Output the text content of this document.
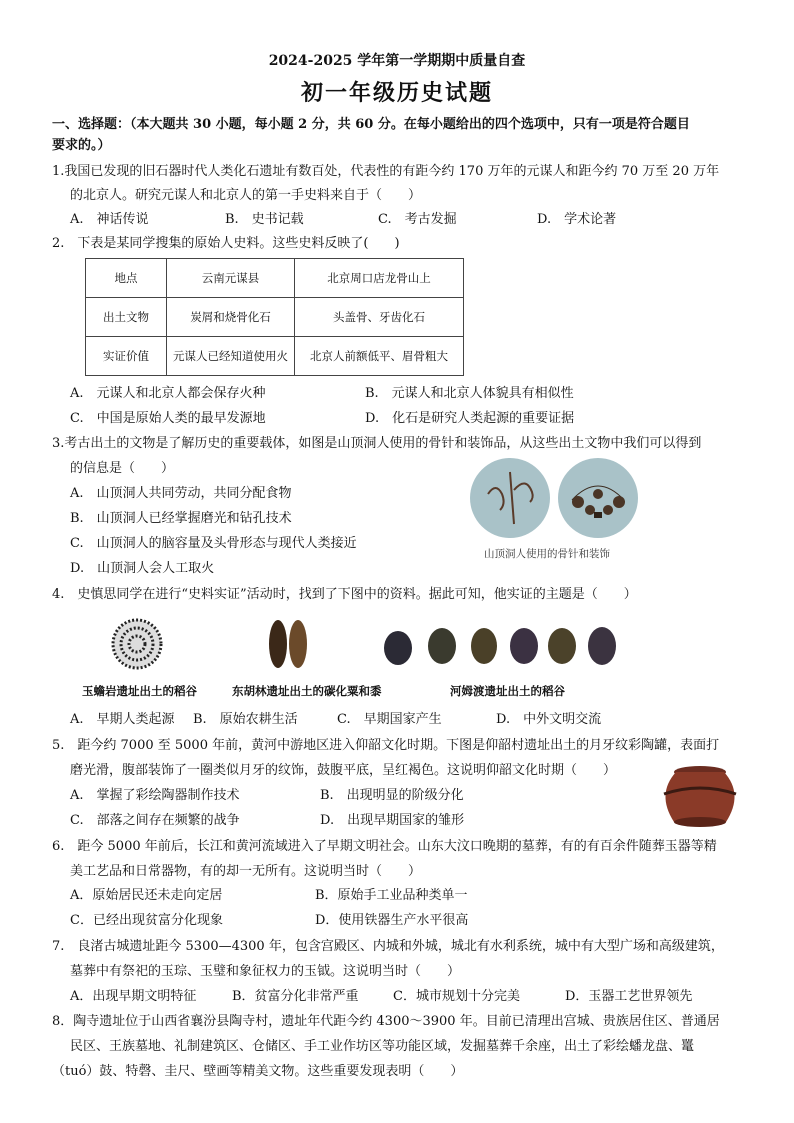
2024-2025 学年第一学期期中质量自查
初一年级历史试题
一、选择题：（本大题共 30 小题，每小题 2 分，共 60 分。在每小题给出的四个选项中，只有一项是符合题目
要求的。）
1.我国已发现的旧石器时代人类化石遗址有数百处，代表性的有距今约 170 万年的元谋人和距今约 70 万至 20 万年
的北京人。研究元谋人和北京人的第一手史料来自于（　　）
A.　神话传说	B.　史书记载	C.　考古发掘	D.　学术论著
2.　下表是某同学搜集的原始人史料。这些史料反映了(　　)
地点	云南元谋县	北京周口店龙骨山上
出土文物	炭屑和烧骨化石	头盖骨、牙齿化石
实证价值	元谋人已经知道使用火	北京人前额低平、眉骨粗大
A.　元谋人和北京人都会保存火种	B.　元谋人和北京人体貌具有相似性
C.　中国是原始人类的最早发源地	D.　化石是研究人类起源的重要证据
3.考古出土的文物是了解历史的重要载体，如图是山顶洞人使用的骨针和装饰品，从这些出土文物中我们可以得到
的信息是（　　）
A.　山顶洞人共同劳动，共同分配食物
B.　山顶洞人已经掌握磨光和钻孔技术
C.　山顶洞人的脑容量及头骨形态与现代人类接近
D.　山顶洞人会人工取火
山顶洞人使用的骨针和装饰
4.　史慎思同学在进行“史料实证”活动时，找到了下图中的资料。据此可知，他实证的主题是（　　）
玉蟾岩遗址出土的稻谷	东胡林遗址出土的碳化粟和黍	河姆渡遗址出土的稻谷
A.　早期人类起源 B.　原始农耕生活	C.　早期国家产生	D.　中外文明交流
5.　距今约 7000 至 5000 年前，黄河中游地区进入仰韶文化时期。下图是仰韶村遗址出土的月牙纹彩陶罐，表面打
磨光滑，腹部装饰了一圈类似月牙的纹饰，鼓腹平底，呈红褐色。这说明仰韶文化时期（　　）
A.　掌握了彩绘陶器制作技术	B.　出现明显的阶级分化
C.　部落之间存在频繁的战争	D.　出现早期国家的雏形
6.　距今 5000 年前后，长江和黄河流域进入了早期文明社会。山东大汶口晚期的墓葬，有的有百余件随葬玉器等精
美工艺品和日常器物，有的却一无所有。这说明当时（　　）
A．原始居民还未走向定居	B．原始手工业品种类单一
C．已经出现贫富分化现象	D．使用铁器生产水平很高
7.　良渚古城遗址距今 5300—4300 年，包含宫殿区、内城和外城，城北有水利系统，城中有大型广场和高级建筑，
墓葬中有祭祀的玉琮、玉璧和象征权力的玉钺。这说明当时（　　）
A．出现早期文明特征	B．贫富分化非常严重	C．城市规划十分完美	D．玉器工艺世界领先
8．陶寺遗址位于山西省襄汾县陶寺村，遗址年代距今约 4300～3900 年。目前已清理出宫城、贵族居住区、普通居
民区、王族墓地、礼制建筑区、仓储区、手工业作坊区等功能区域，发掘墓葬千余座，出土了彩绘蟠龙盘、鼍
（tuó）鼓、特磬、圭尺、壁画等精美文物。这些重要发现表明（　　）
